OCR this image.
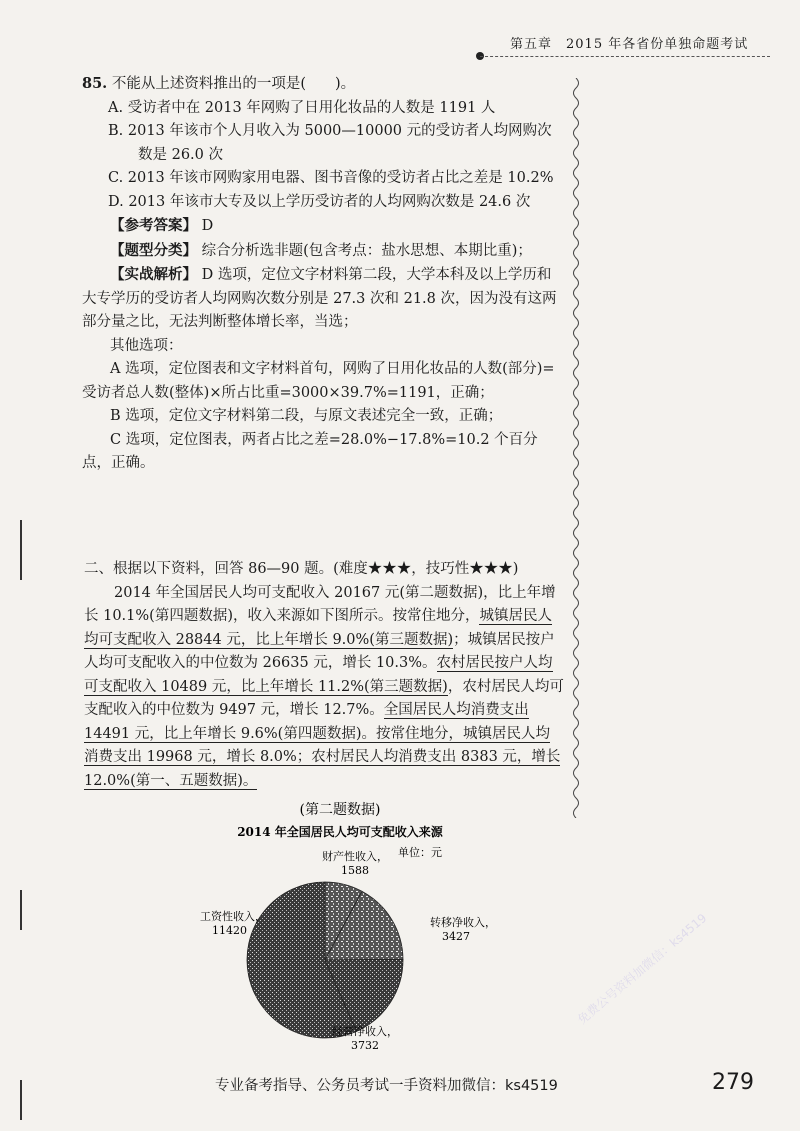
第五章　2015 年各省份单独命题考试

85. 不能从上述资料推出的一项是(　　)。

A. 受访者中在 2013 年网购了日用化妆品的人数是 1191 人

B. 2013 年该市个人月收入为 5000—10000 元的受访者人均网购次数是 26.0 次

C. 2013 年该市网购家用电器、图书音像的受访者占比之差是 10.2%

D. 2013 年该市大专及以上学历受访者的人均网购次数是 24.6 次

【参考答案】 D

【题型分类】 综合分析选非题(包含考点：盐水思想、本期比重)；

【实战解析】 D 选项，定位文字材料第二段，大学本科及以上学历和大专学历的受访者人均网购次数分别是 27.3 次和 21.8 次，因为没有这两部分量之比，无法判断整体增长率，当选；

其他选项：

A 选项，定位图表和文字材料首句，网购了日用化妆品的人数(部分)=受访者总人数(整体)×所占比重=3000×39.7%=1191，正确；

B 选项，定位文字材料第二段，与原文表述完全一致，正确；

C 选项，定位图表，两者占比之差=28.0%−17.8%=10.2 个百分点，正确。

二、根据以下资料，回答 86—90 题。(难度★★★，技巧性★★★)

2014 年全国居民人均可支配收入 20167 元(第二题数据)，比上年增长 10.1%(第四题数据)，收入来源如下图所示。按常住地分，城镇居民人均可支配收入 28844 元，比上年增长 9.0%(第三题数据)；城镇居民按户人均可支配收入的中位数为 26635 元，增长 10.3%。农村居民按户人均可支配收入 10489 元，比上年增长 11.2%(第三题数据)，农村居民人均可支配收入的中位数为 9497 元，增长 12.7%。全国居民人均消费支出 14491 元，比上年增长 9.6%(第四题数据)。按常住地分，城镇居民人均消费支出 19968 元，增长 8.0%；农村居民人均消费支出 8383 元，增长 12.0%(第一、五题数据)。

(第二题数据)
2014 年全国居民人均可支配收入来源
单位：元
工资性收入，
11420
财产性收入，
1588
转移净收入，
3427
经营净收入，
3732
免费公号资料加微信：ks4519
专业备考指导、公务员考试一手资料加微信：ks4519	279
